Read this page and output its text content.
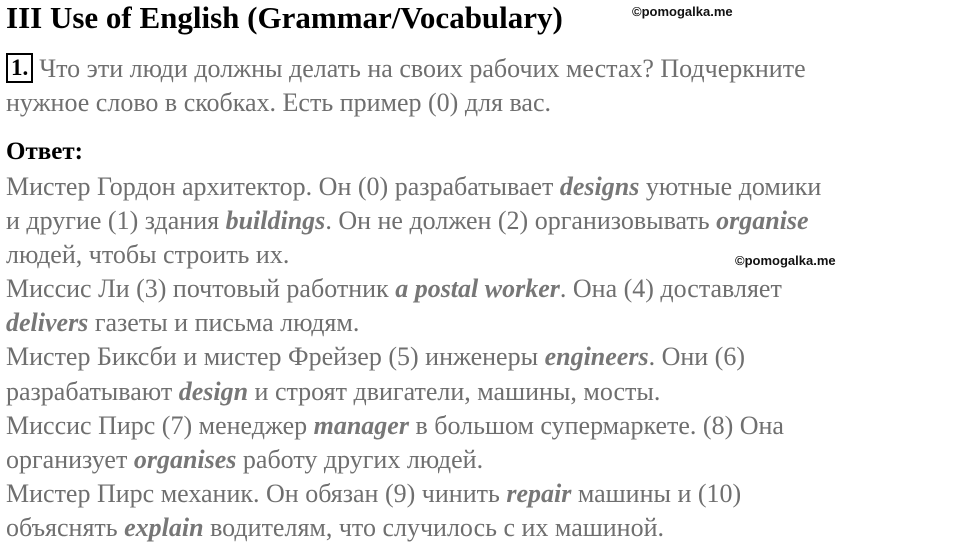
III Use of English (Grammar/Vocabulary)	©pomogalka.me
1. Что эти люди должны делать на своих рабочих местах? Подчеркните
нужное слово в скобках. Есть пример (0) для вас.
Ответ:
Мистер Гордон архитектор. Он (0) разрабатывает designs уютные домики
и другие (1) здания buildings. Он не должен (2) организовывать organise
людей, чтобы строить их.
Миссис Ли (3) почтовый работник a postal worker. Она (4) доставляет
delivers газеты и письма людям.
Мистер Биксби и мистер Фрейзер (5) инженеры engineers. Они (6)
разрабатывают design и строят двигатели, машины, мосты.
Миссис Пирс (7) менеджер manager в большом супермаркете. (8) Она
организует organises работу других людей.
Мистер Пирс механик. Он обязан (9) чинить repair машины и (10)
объяснять explain водителям, что случилось с их машиной.
©pomogalka.me
